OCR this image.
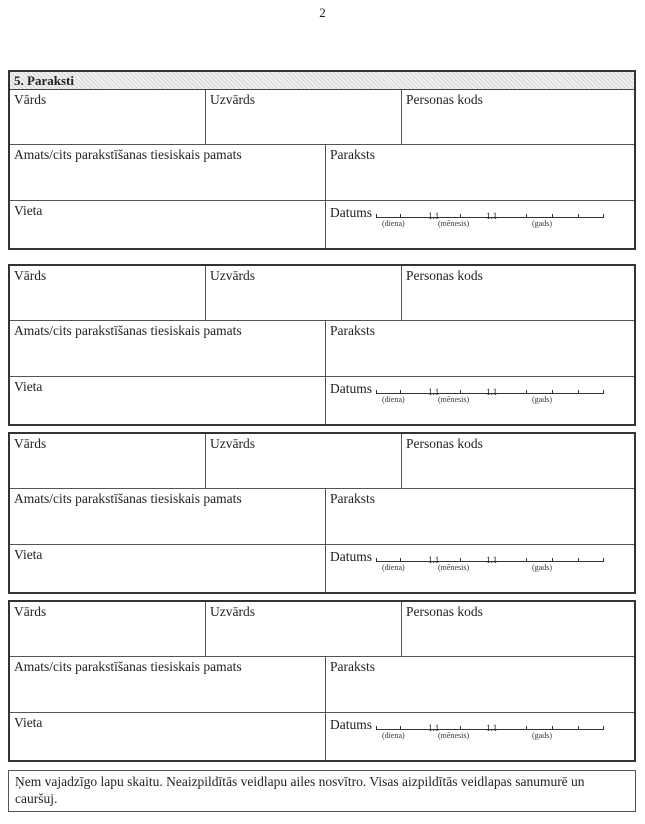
2
5. Paraksti
Vārds	Uzvārds	Personas kods
Amats/cits parakstīšanas tiesiskais pamats	Paraksts
Vieta	Datums	1.1	1.1
(diena)	(mēnesis)	(gads)
Vārds	Uzvārds	Personas kods
Amats/cits parakstīšanas tiesiskais pamats	Paraksts
Vieta	Datums	1.1	1.1
(diena)	(mēnesis)	(gads)
Vārds	Uzvārds	Personas kods
Amats/cits parakstīšanas tiesiskais pamats	Paraksts
Vieta	Datums	1.1	1.1
(diena)	(mēnesis)	(gads)
Vārds	Uzvārds	Personas kods
Amats/cits parakstīšanas tiesiskais pamats	Paraksts
Vieta	Datums	1.1	1.1
(diena)	(mēnesis)	(gads)
Ņem vajadzīgo lapu skaitu. Neaizpildītās veidlapu ailes nosvītro. Visas aizpildītās veidlapas sanumurē un cauršuj.
